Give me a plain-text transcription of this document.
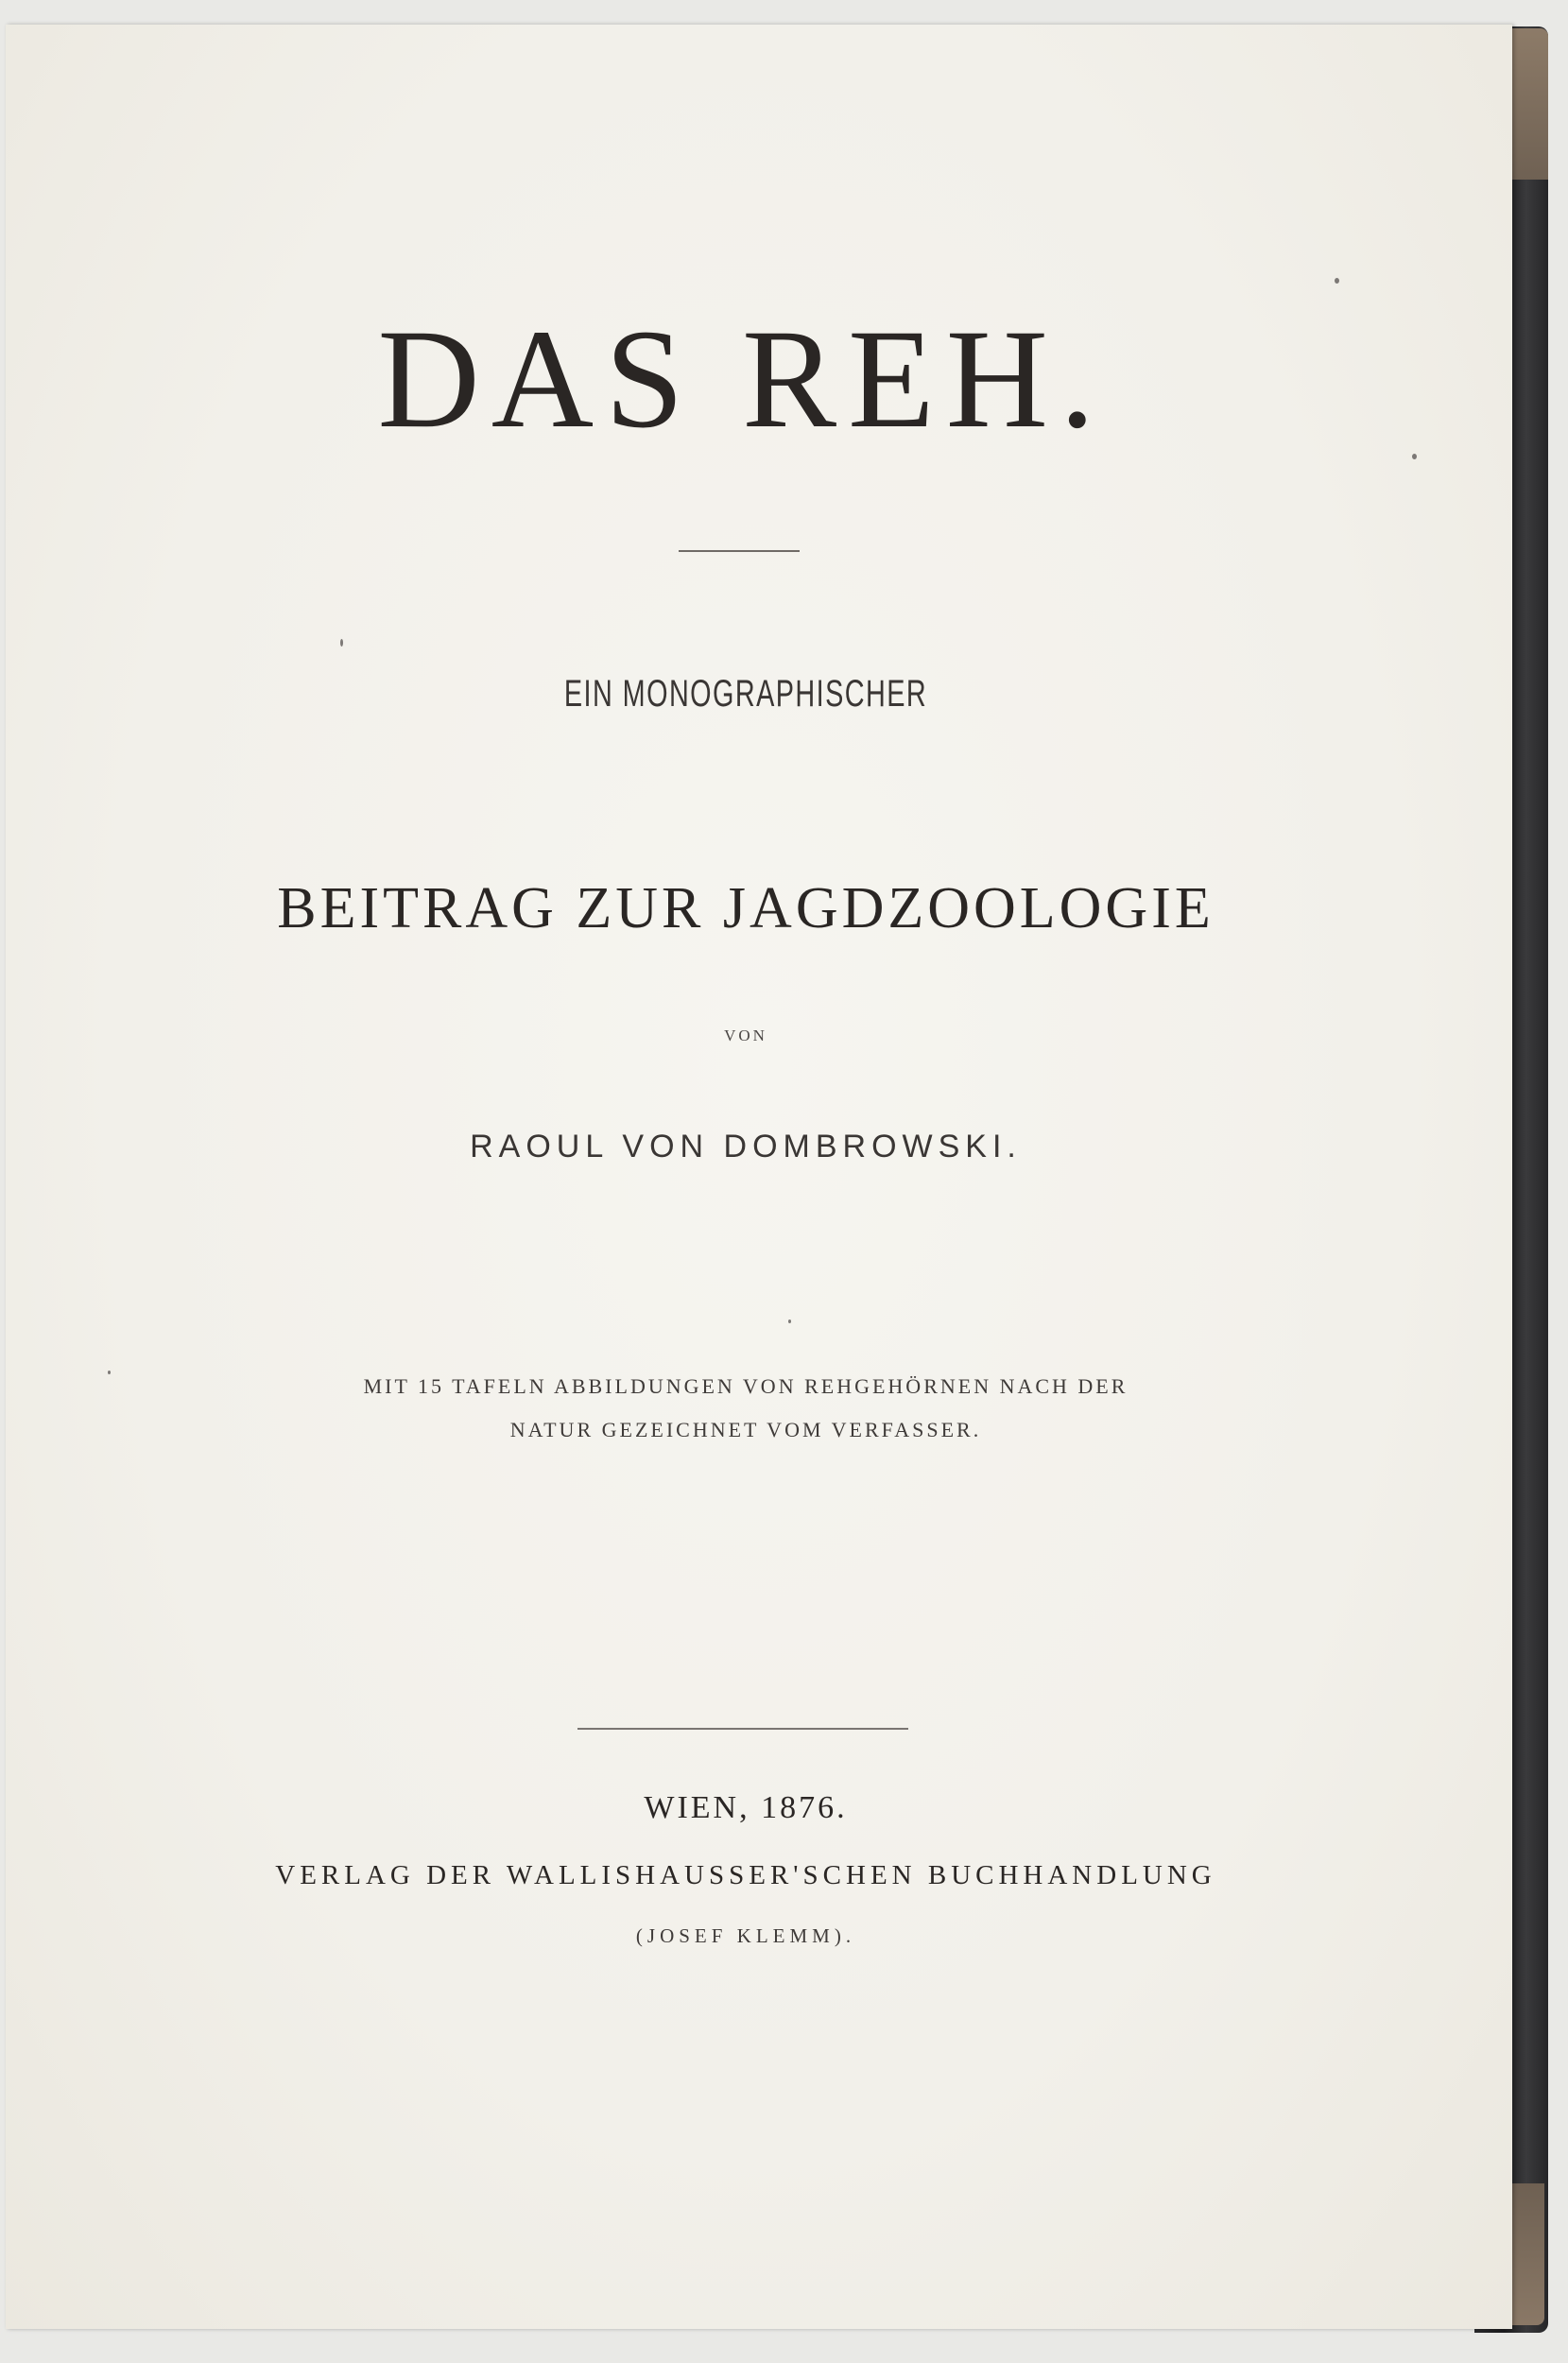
DAS REH.

EIN MONOGRAPHISCHER

BEITRAG ZUR JAGDZOOLOGIE

VON

RAOUL VON DOMBROWSKI.

MIT 15 TAFELN ABBILDUNGEN VON REHGEHÖRNEN NACH DER

NATUR GEZEICHNET VOM VERFASSER.

WIEN, 1876.

VERLAG DER WALLISHAUSSER'SCHEN BUCHHANDLUNG

(JOSEF KLEMM).
